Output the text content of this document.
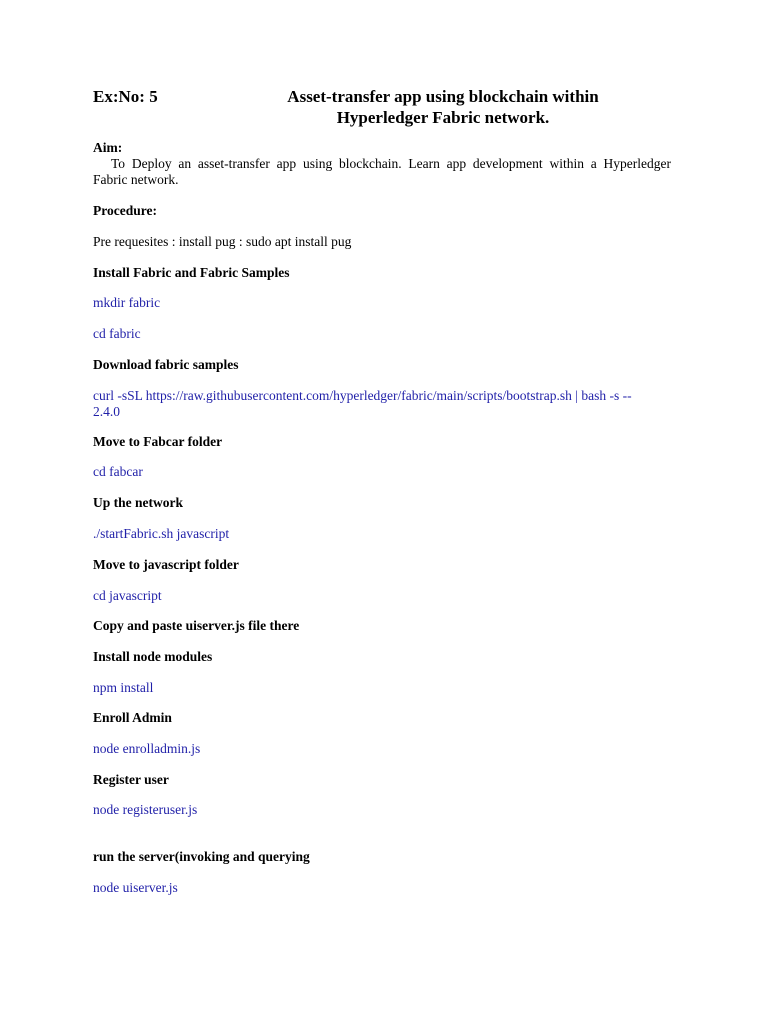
Ex:No: 5	Asset-transfer app using blockchain within
Hyperledger Fabric network.
Aim:
To Deploy an asset-transfer app using blockchain. Learn app development within a Hyperledger
Fabric network.
Procedure:
Pre requesites : install pug : sudo apt install pug
Install Fabric and Fabric Samples
mkdir fabric
cd fabric
Download fabric samples
curl -sSL https://raw.githubusercontent.com/hyperledger/fabric/main/scripts/bootstrap.sh | bash -s --
2.4.0
Move to Fabcar folder
cd fabcar
Up the network
./startFabric.sh javascript
Move to javascript folder
cd javascript
Copy and paste uiserver.js file there
Install node modules
npm install
Enroll Admin
node enrolladmin.js
Register user
node registeruser.js
run the server(invoking and querying
node uiserver.js
